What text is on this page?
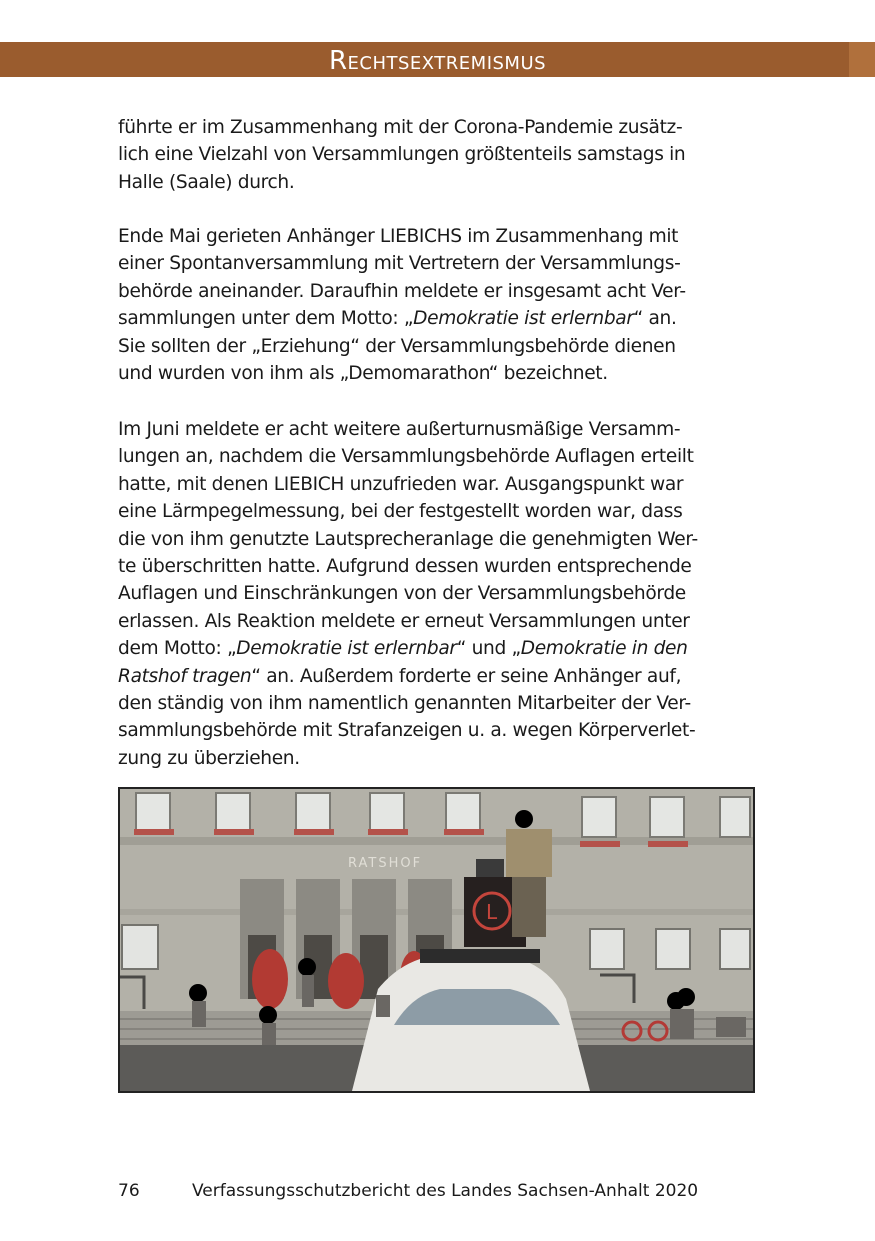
Rechtsextremismus
führte er im Zusammenhang mit der Corona-Pandemie zusätz-
lich eine Vielzahl von Versammlungen größtenteils samstags in
Halle (Saale) durch.
Ende Mai gerieten Anhänger LIEBICHS im Zusammenhang mit
einer Spontanversammlung mit Vertretern der Versammlungs-
behörde aneinander. Daraufhin meldete er insgesamt acht Ver-
sammlungen unter dem Motto: „Demokratie ist erlernbar“ an.
Sie sollten der „Erziehung“ der Versammlungsbehörde dienen
und wurden von ihm als „Demomarathon“ bezeichnet.
Im Juni meldete er acht weitere außerturnusmäßige Versamm-
lungen an, nachdem die Versammlungsbehörde Auflagen erteilt
hatte, mit denen LIEBICH unzufrieden war. Ausgangspunkt war
eine Lärmpegelmessung, bei der festgestellt worden war, dass
die von ihm genutzte Lautsprecheranlage die genehmigten Wer-
te überschritten hatte. Aufgrund dessen wurden entsprechende
Auflagen und Einschränkungen von der Versammlungsbehörde
erlassen. Als Reaktion meldete er erneut Versammlungen unter
dem Motto: „Demokratie ist erlernbar“ und „Demokratie in den
Ratshof tragen“ an. Außerdem forderte er seine Anhänger auf,
den ständig von ihm namentlich genannten Mitarbeiter der Ver-
sammlungsbehörde mit Strafanzeigen u. a. wegen Körperverlet-
zung zu überziehen.
RATSHOF
L
76	Verfassungsschutzbericht des Landes Sachsen-Anhalt 2020
